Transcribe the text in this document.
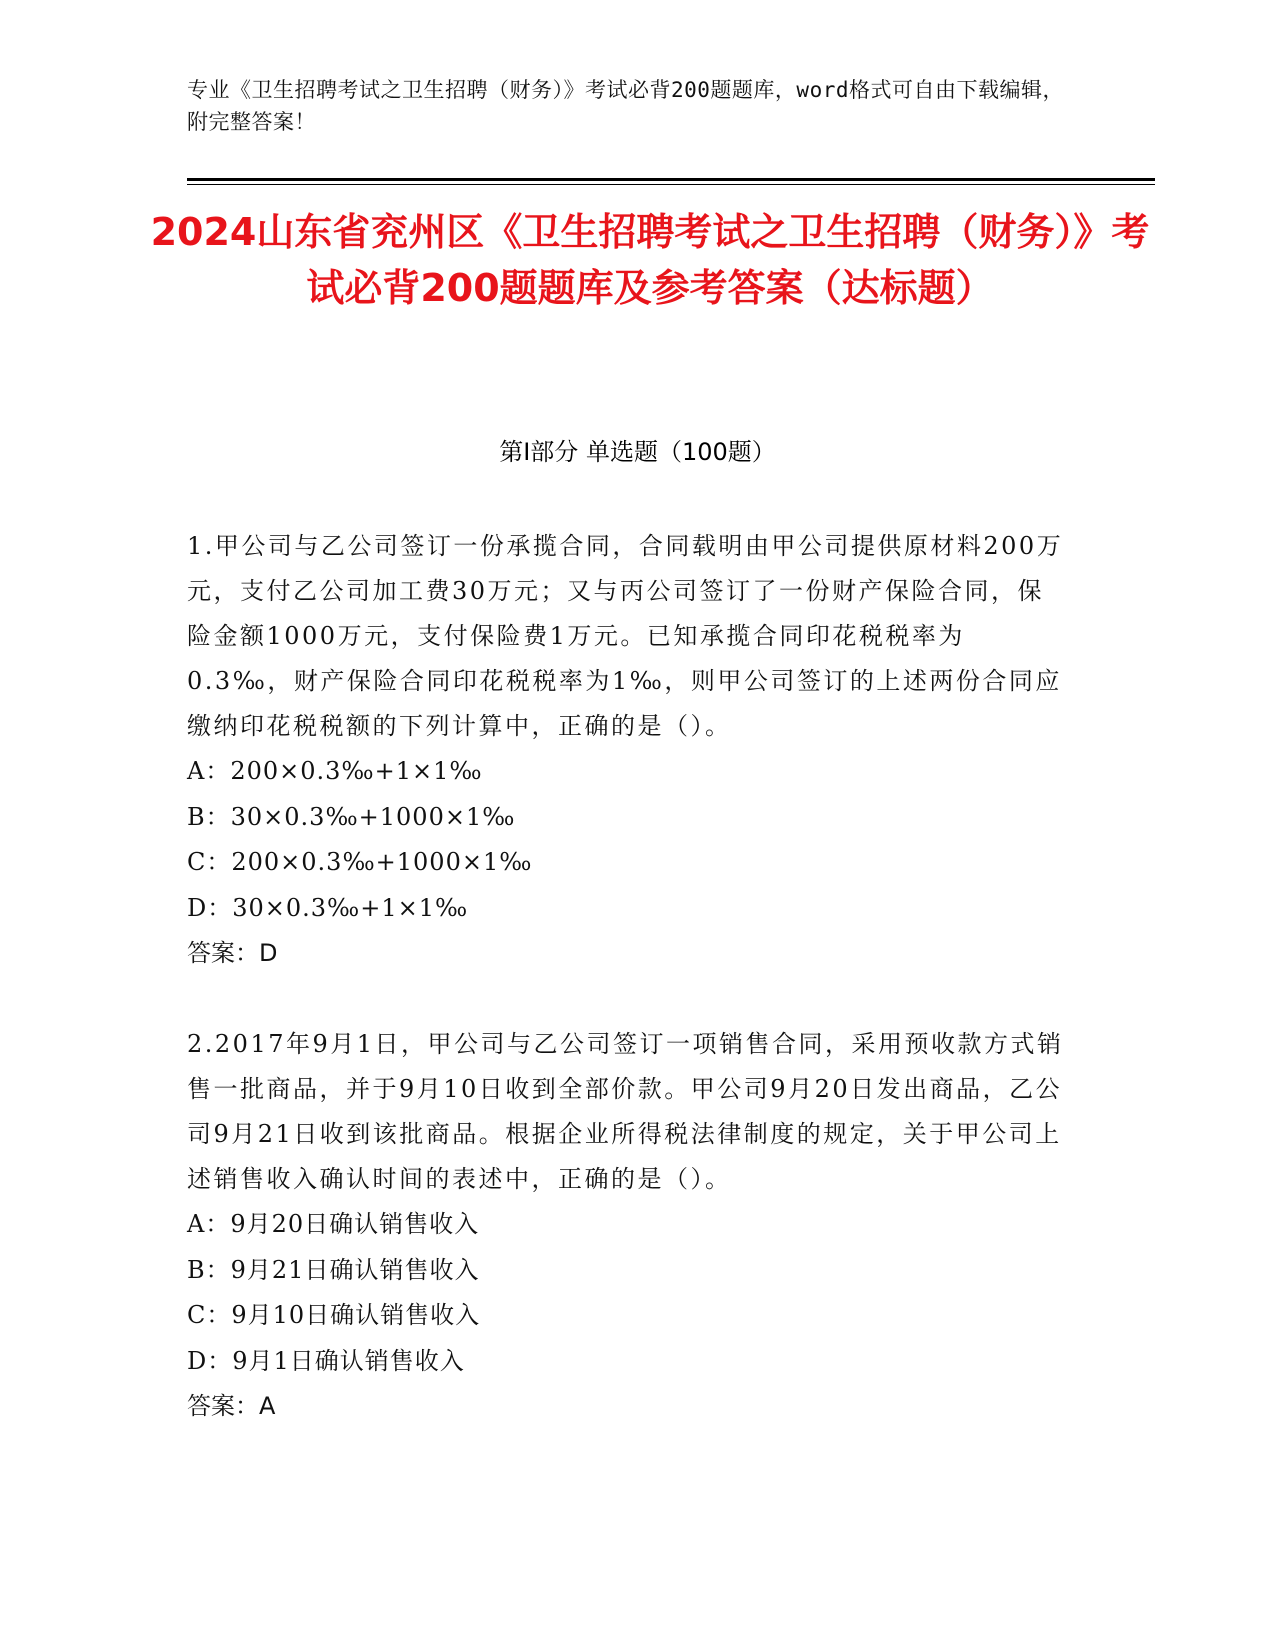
专业《卫生招聘考试之卫生招聘（财务）》考试必背200题题库，word格式可自由下载编辑，附完整答案！
2024山东省兖州区《卫生招聘考试之卫生招聘（财务）》考试必背200题题库及参考答案（达标题）
第Ⅰ部分 单选题（100题）

1.甲公司与乙公司签订一份承揽合同，合同载明由甲公司提供原材料200万元，支付乙公司加工费30万元；又与丙公司签订了一份财产保险合同，保险金额1000万元，支付保险费1万元。已知承揽合同印花税税率为0.3‰，财产保险合同印花税税率为1‰，则甲公司签订的上述两份合同应缴纳印花税税额的下列计算中，正确的是（）。

A：200×0.3‰+1×1‰
B：30×0.3‰+1000×1‰
C：200×0.3‰+1000×1‰
D：30×0.3‰+1×1‰
答案：D

2.2017年9月1日，甲公司与乙公司签订一项销售合同，采用预收款方式销售一批商品，并于9月10日收到全部价款。甲公司9月20日发出商品，乙公司9月21日收到该批商品。根据企业所得税法律制度的规定，关于甲公司上述销售收入确认时间的表述中，正确的是（）。

A：9月20日确认销售收入
B：9月21日确认销售收入
C：9月10日确认销售收入
D：9月1日确认销售收入
答案：A
